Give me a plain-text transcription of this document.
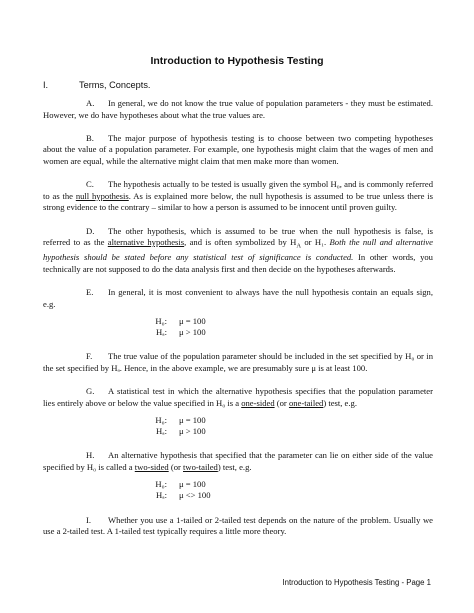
Introduction to Hypothesis Testing
I.	Terms, Concepts.

A. In general, we do not know the true value of population parameters - they must be estimated. However, we do have hypotheses about what the true values are.

B. The major purpose of hypothesis testing is to choose between two competing hypotheses about the value of a population parameter. For example, one hypothesis might claim that the wages of men and women are equal, while the alternative might claim that men make more than women.

C. The hypothesis actually to be tested is usually given the symbol H₀, and is commonly referred to as the null hypothesis. As is explained more below, the null hypothesis is assumed to be true unless there is strong evidence to the contrary – similar to how a person is assumed to be innocent until proven guilty.

D. The other hypothesis, which is assumed to be true when the null hypothesis is false, is referred to as the alternative hypothesis, and is often symbolized by $H_A$ or H₁. Both the null and alternative hypothesis should be stated before any statistical test of significance is conducted. In other words, you technically are not supposed to do the data analysis first and then decide on the hypotheses afterwards.

E. In general, it is most convenient to always have the null hypothesis contain an equals sign, e.g.

H₀:	μ = 100
Hₐ:	μ > 100

F. The true value of the population parameter should be included in the set specified by H₀ or in the set specified by Hₐ. Hence, in the above example, we are presumably sure μ is at least 100.

G. A statistical test in which the alternative hypothesis specifies that the population parameter lies entirely above or below the value specified in H₀ is a one-sided (or one-tailed) test, e.g.

H₀:	μ = 100
Hₐ:	μ > 100

H. An alternative hypothesis that specified that the parameter can lie on either side of the value specified by H₀ is called a two-sided (or two-tailed) test, e.g.

H₀:	μ = 100
Hₐ:	μ <> 100

I. Whether you use a 1-tailed or 2-tailed test depends on the nature of the problem. Usually we use a 2-tailed test. A 1-tailed test typically requires a little more theory.

Introduction to Hypothesis Testing - Page 1
